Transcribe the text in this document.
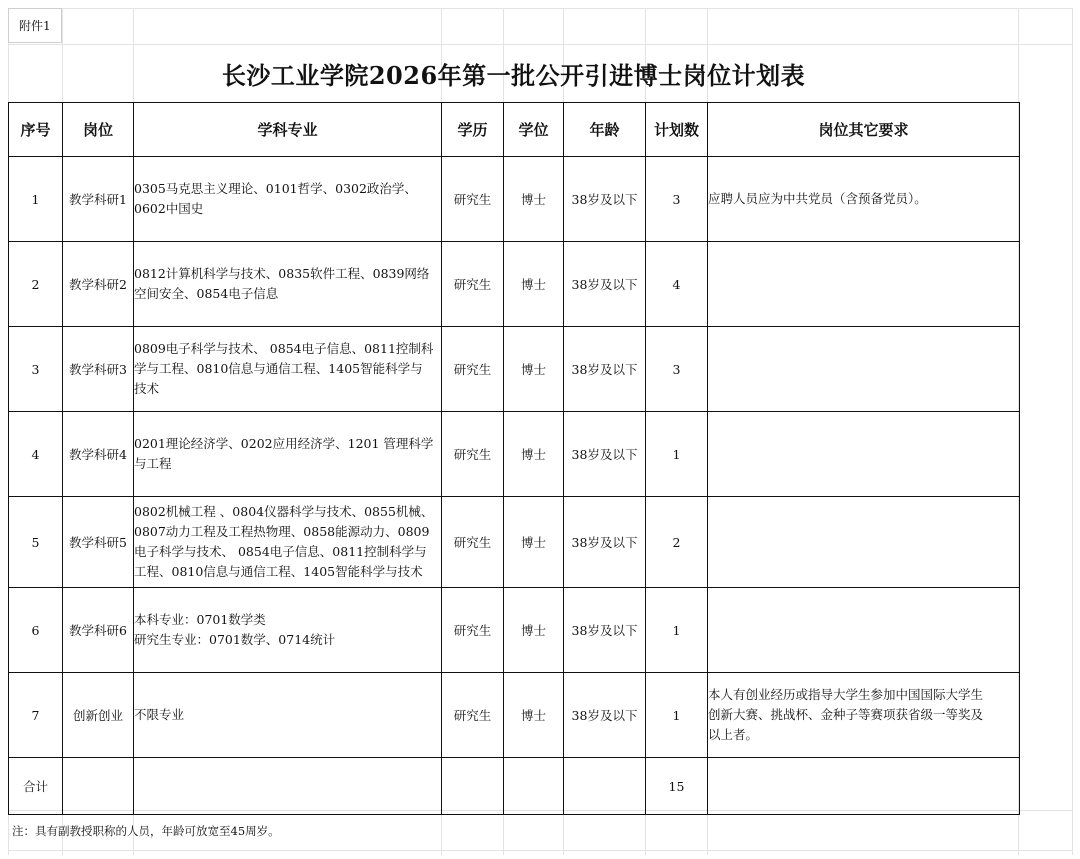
附件1
长沙工业学院2026年第一批公开引进博士岗位计划表
序号	岗位	学科专业	学历	学位	年龄	计划数	岗位其它要求
1	教学科研1	0305马克思主义理论、0101哲学、0302政治学、
0602中国史	研究生	博士	38岁及以下	3	应聘人员应为中共党员（含预备党员）。

2	教学科研2	0812计算机科学与技术、0835软件工程、0839网络
空间安全、0854电子信息	研究生	博士	38岁及以下	4	
3	教学科研3	0809电子科学与技术、 0854电子信息、0811控制科
学与工程、0810信息与通信工程、1405智能科学与
技术	研究生	博士	38岁及以下	3	
4	教学科研4	0201理论经济学、0202应用经济学、1201 管理科学
与工程	研究生	博士	38岁及以下	1	
5	教学科研5	0802机械工程 、0804仪器科学与技术、0855机械、
0807动力工程及工程热物理、0858能源动力、0809
电子科学与技术、 0854电子信息、0811控制科学与
工程、0810信息与通信工程、1405智能科学与技术	研究生	博士	38岁及以下	2	
6	教学科研6	本科专业：0701数学类
研究生专业：0701数学、0714统计	研究生	博士	38岁及以下	1	
7	创新创业	不限专业	研究生	博士	38岁及以下	1	本人有创业经历或指导大学生参加中国国际大学生
创新大赛、挑战杯、金种子等赛项获省级一等奖及
以上者。

合计						15	
注：具有副教授职称的人员，年龄可放宽至45周岁。
